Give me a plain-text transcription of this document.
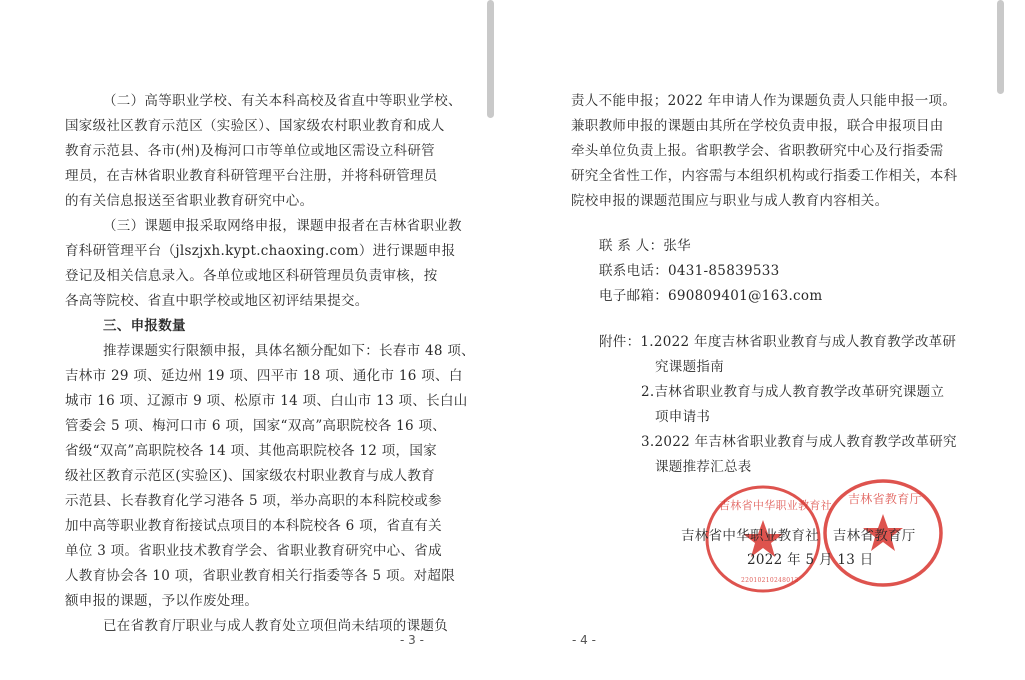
（二）高等职业学校、有关本科高校及省直中等职业学校、
国家级社区教育示范区（实验区）、国家级农村职业教育和成人
教育示范县、各市(州)及梅河口市等单位或地区需设立科研管
理员，在吉林省职业教育科研管理平台注册，并将科研管理员
的有关信息报送至省职业教育研究中心。
（三）课题申报采取网络申报，课题申报者在吉林省职业教
育科研管理平台（jlszjxh.kypt.chaoxing.com）进行课题申报
登记及相关信息录入。各单位或地区科研管理员负责审核，按
各高等院校、省直中职学校或地区初评结果提交。
三、申报数量
推荐课题实行限额申报，具体名额分配如下：长春市 48 项、
吉林市 29 项、延边州 19 项、四平市 18 项、通化市 16 项、白
城市 16 项、辽源市 9 项、松原市 14 项、白山市 13 项、长白山
管委会 5 项、梅河口市 6 项，国家“双高”高职院校各 16 项、
省级“双高”高职院校各 14 项、其他高职院校各 12 项，国家
级社区教育示范区(实验区)、国家级农村职业教育与成人教育
示范县、长春教育化学习港各 5 项，举办高职的本科院校或参
加中高等职业教育衔接试点项目的本科院校各 6 项，省直有关
单位 3 项。省职业技术教育学会、省职业教育研究中心、省成
人教育协会各 10 项，省职业教育相关行指委等各 5 项。对超限
额申报的课题，予以作废处理。
已在省教育厅职业与成人教育处立项但尚未结项的课题负
- 3 -
责人不能申报；2022 年申请人作为课题负责人只能申报一项。
兼职教师申报的课题由其所在学校负责申报，联合申报项目由
牵头单位负责上报。省职教学会、省职教研究中心及行指委需
研究全省性工作，内容需与本组织机构或行指委工作相关，本科
院校申报的课题范围应与职业与成人教育内容相关。
联 系 人：张华
联系电话：0431-85839533
电子邮箱：690809401@163.com
附件：1.2022 年度吉林省职业教育与成人教育教学改革研
究课题指南
2.吉林省职业教育与成人教育教学改革研究课题立
项申请书
3.2022 年吉林省职业教育与成人教育教学改革研究
课题推荐汇总表
吉林省中华职业教育社
22010210248012
吉林省教育厅
吉林省中华职业教育社　吉林省教育厅
2022 年 5 月 13 日
- 4 -
